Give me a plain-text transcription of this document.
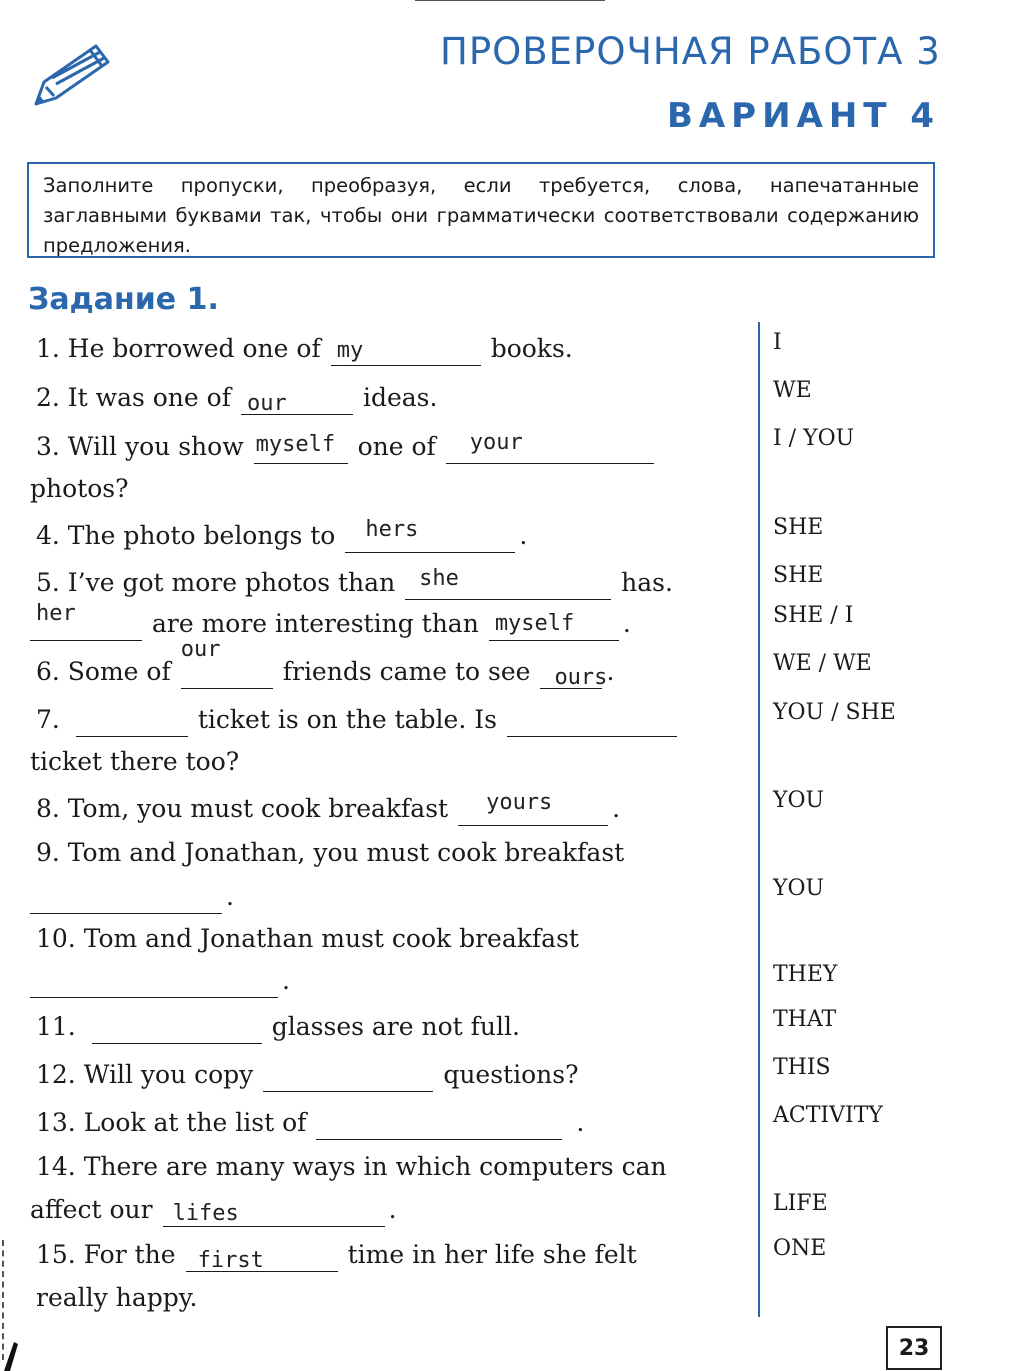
ПРОВЕРОЧНАЯ РАБОТА 3
ВАРИАНТ 4
Заполните пропуски, преобразуя, если требуется, слова, напечатанные заглавными буквами так, чтобы они грамматически соответствовали содержанию предложения.
Задание 1.
1. He borrowed one of my	books.
2. It was one of our	ideas.
3. Will you show myself one of your
photos?
4. The photo belongs to hers	.
5. I’ve got more photos than she	has.
her	are more interesting than myself .
6. Some of
our
friends came to see ours .
7.	ticket is on the table. Is
ticket there too?
8. Tom, you must cook breakfast yours .
9. Tom and Jonathan, you must cook breakfast
.
10. Tom and Jonathan must cook breakfast
.
11.	glasses are not full.
12. Will you copy	questions?
13. Look at the list of	.
14. There are many ways in which computers can
affect our lifes	.
15. For the first	time in her life she felt
really happy.
I
WE
I / YOU
SHE
SHE
SHE / I
WE / WE
YOU / SHE
YOU
YOU
THEY
THAT
THIS
ACTIVITY
LIFE
ONE
23
